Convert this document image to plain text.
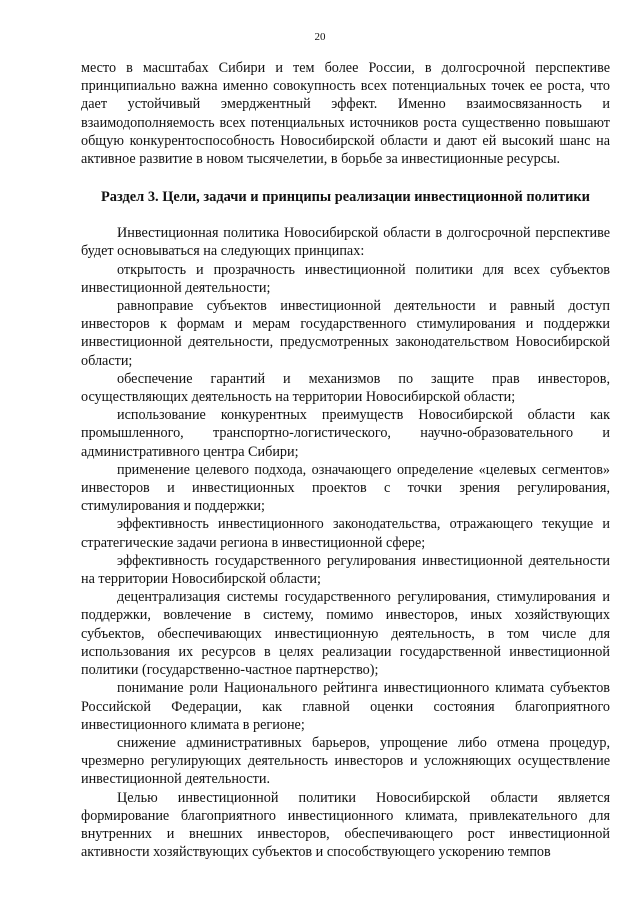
20

место в масштабах Сибири и тем более России, в долгосрочной перспективе принципиально важна именно совокупность всех потенциальных точек ее роста, что дает устойчивый эмерджентный эффект. Именно взаимосвязанность и взаимодополняемость всех потенциальных источников роста существенно повышают общую конкурентоспособность Новосибирской области и дают ей высокий шанс на активное развитие в новом тысячелетии, в борьбе за инвестиционные ресурсы.

Раздел 3. Цели, задачи и принципы реализации инвестиционной политики

Инвестиционная политика Новосибирской области в долгосрочной перспективе будет основываться на следующих принципах:

открытость и прозрачность инвестиционной политики для всех субъектов инвестиционной деятельности;

равноправие субъектов инвестиционной деятельности и равный доступ инвесторов к формам и мерам государственного стимулирования и поддержки инвестиционной деятельности, предусмотренных законодательством Новосибирской области;

обеспечение гарантий и механизмов по защите прав инвесторов, осуществляющих деятельность на территории Новосибирской области;

использование конкурентных преимуществ Новосибирской области как промышленного, транспортно-логистического, научно-образовательного и административного центра Сибири;

применение целевого подхода, означающего определение «целевых сегментов» инвесторов и инвестиционных проектов с точки зрения регулирования, стимулирования и поддержки;

эффективность инвестиционного законодательства, отражающего текущие и стратегические задачи региона в инвестиционной сфере;

эффективность государственного регулирования инвестиционной деятельности на территории Новосибирской области;

децентрализация системы государственного регулирования, стимулирования и поддержки, вовлечение в систему, помимо инвесторов, иных хозяйствующих субъектов, обеспечивающих инвестиционную деятельность, в том числе для использования их ресурсов в целях реализации государственной инвестиционной политики (государственно-частное партнерство);

понимание роли Национального рейтинга инвестиционного климата субъектов Российской Федерации, как главной оценки состояния благоприятного инвестиционного климата в регионе;

снижение административных барьеров, упрощение либо отмена процедур, чрезмерно регулирующих деятельность инвесторов и усложняющих осуществление инвестиционной деятельности.

Целью инвестиционной политики Новосибирской области является формирование благоприятного инвестиционного климата, привлекательного для внутренних и внешних инвесторов, обеспечивающего рост инвестиционной активности хозяйствующих субъектов и способствующего ускорению темпов
